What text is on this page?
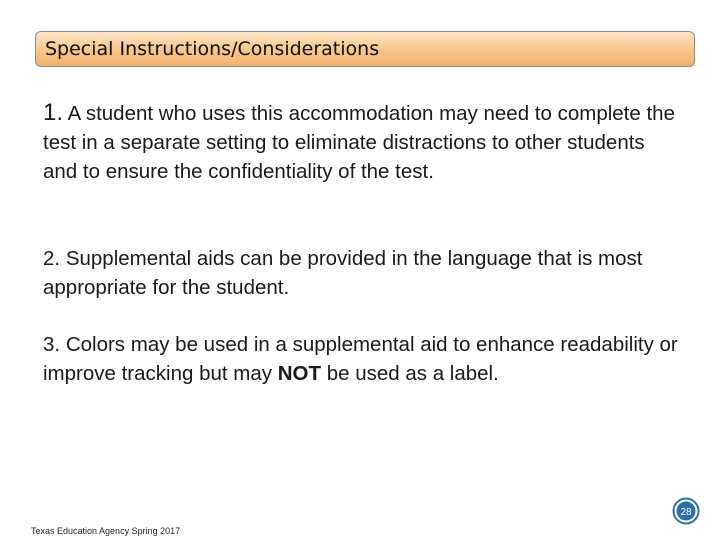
Special Instructions/Considerations

1. A student who uses this accommodation may need to complete the test in a separate setting to eliminate distractions to other students and to ensure the confidentiality of the test.

2. Supplemental aids can be provided in the language that is most appropriate for the student.

3. Colors may be used in a supplemental aid to enhance readability or improve tracking but may NOT be used as a label.

Texas Education Agency Spring 2017
28
